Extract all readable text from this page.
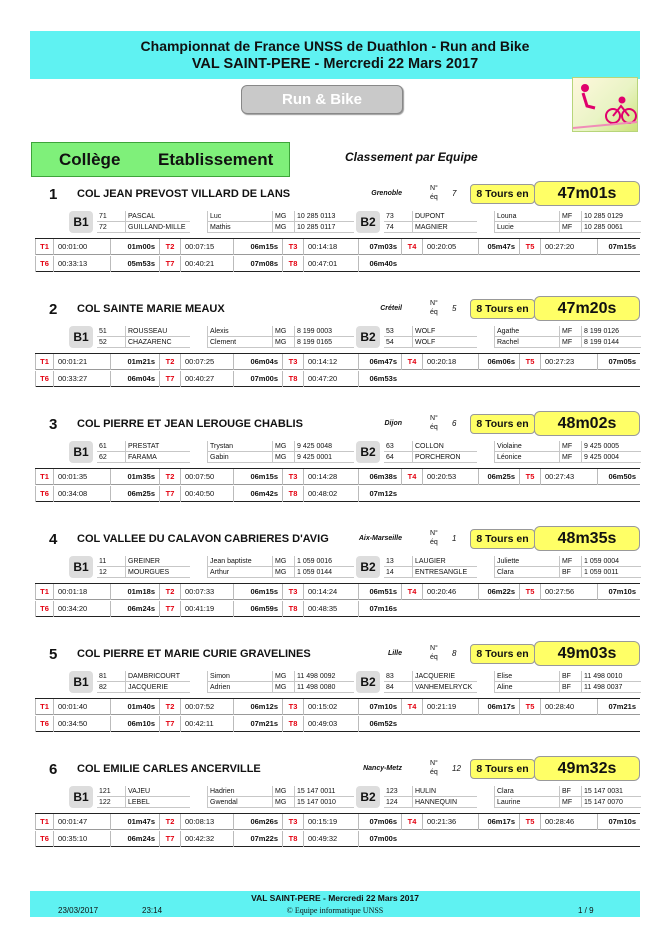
Championnat de France UNSS de Duathlon - Run and Bike
VAL SAINT-PERE - Mercredi 22 Mars 2017
Run & Bike
Collège Etablissement	Classement par Equipe
1 COL JEAN PREVOST VILLARD DE LANS	Grenoble
N°
éq 7	8 Tours en	47m01s
B1	B2
71	PASCAL	Luc	MG	10 285 0113
72	GUILLAND-MILLE	Mathis	MG	10 285 0117
73	DUPONT	Louna	MF	10 285 0129
74	MAGNIER	Lucie	MF	10 285 0061
T1	00:01:00	01m00s	T2	00:07:15	06m15s	T3	00:14:18	07m03s	T4	00:20:05	05m47s	T5	00:27:20	07m15s
T6	00:33:13	05m53s	T7	00:40:21	07m08s	T8	00:47:01	06m40s
2 COL SAINTE MARIE MEAUX	Créteil
N°
éq 5	8 Tours en	47m20s
B1	B2
51	ROUSSEAU	Alexis	MG	8 199 0003
52	CHAZARENC	Clement	MG	8 199 0165
53	WOLF	Agathe	MF	8 199 0126
54	WOLF	Rachel	MF	8 199 0144
T1	00:01:21	01m21s	T2	00:07:25	06m04s	T3	00:14:12	06m47s	T4	00:20:18	06m06s	T5	00:27:23	07m05s
T6	00:33:27	06m04s	T7	00:40:27	07m00s	T8	00:47:20	06m53s
3 COL PIERRE ET JEAN LEROUGE CHABLIS	Dijon
N°
éq 6	8 Tours en	48m02s
B1	B2
61	PRESTAT	Trystan	MG	9 425 0048
62	FARAMA	Gabin	MG	9 425 0001
63	COLLON	Violaine	MF	9 425 0005
64	PORCHERON	Léonice	MF	9 425 0004
T1	00:01:35	01m35s	T2	00:07:50	06m15s	T3	00:14:28	06m38s	T4	00:20:53	06m25s	T5	00:27:43	06m50s
T6	00:34:08	06m25s	T7	00:40:50	06m42s	T8	00:48:02	07m12s
4 COL VALLEE DU CALAVON CABRIERES D'AVIG	Aix-Marseille
N°
éq 1	8 Tours en	48m35s
B1	B2
11	GREINER	Jean baptiste	MG	1 059 0016
12	MOURGUES	Arthur	MG	1 059 0144
13	LAUGIER	Juliette	MF	1 059 0004
14	ENTRESANGLE	Clara	BF	1 059 0011
T1	00:01:18	01m18s	T2	00:07:33	06m15s	T3	00:14:24	06m51s	T4	00:20:46	06m22s	T5	00:27:56	07m10s
T6	00:34:20	06m24s	T7	00:41:19	06m59s	T8	00:48:35	07m16s
5 COL PIERRE ET MARIE CURIE GRAVELINES	Lille
N°
éq 8	8 Tours en	49m03s
B1	B2
81	DAMBRICOURT	Simon	MG	11 498 0092
82	JACQUERIE	Adrien	MG	11 498 0080
83	JACQUERIE	Elise	BF	11 498 0010
84	VANHEMELRYCK	Aline	BF	11 498 0037
T1	00:01:40	01m40s	T2	00:07:52	06m12s	T3	00:15:02	07m10s	T4	00:21:19	06m17s	T5	00:28:40	07m21s
T6	00:34:50	06m10s	T7	00:42:11	07m21s	T8	00:49:03	06m52s
6 COL EMILIE CARLES ANCERVILLE	Nancy-Metz
N°
éq 12	8 Tours en	49m32s
B1	B2
121	VAJEU	Hadrien	MG	15 147 0011
122	LEBEL	Gwendal	MG	15 147 0010
123	HULIN	Clara	BF	15 147 0031
124	HANNEQUIN	Laurine	MF	15 147 0070
T1	00:01:47	01m47s	T2	00:08:13	06m26s	T3	00:15:19	07m06s	T4	00:21:36	06m17s	T5	00:28:46	07m10s
T6	00:35:10	06m24s	T7	00:42:32	07m22s	T8	00:49:32	07m00s
VAL SAINT-PERE - Mercredi 22 Mars 2017
23/03/2017	23:14	© Equipe informatique UNSS	1 / 9
